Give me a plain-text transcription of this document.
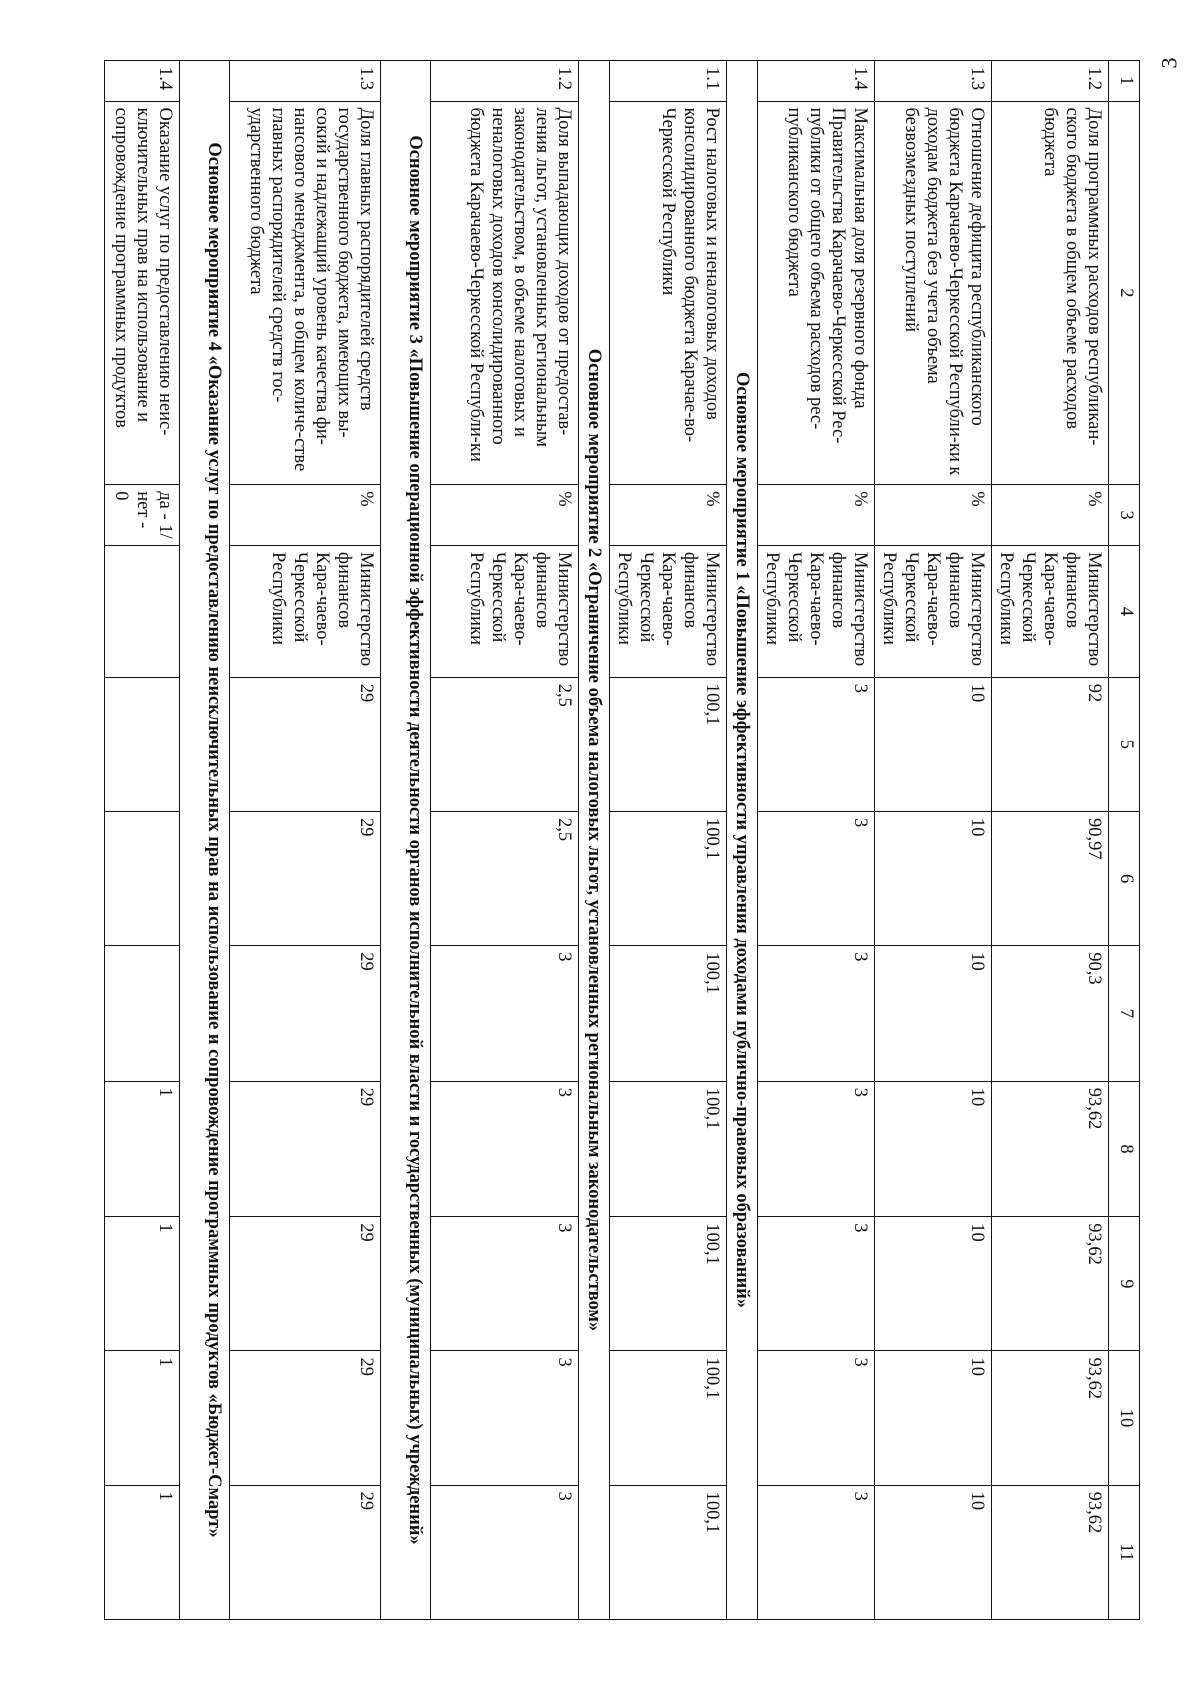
3
1	2	3	4	5	6	7	8	9	10	11
1.2	Доля программных расходов республикан-ского бюджета в общем объеме расходов бюджета	%	Министерство финансов Кара-чаево-Черкесской Республики	92	90,97	90,3	93,62	93,62	93,62	93,62
1.3	Отношение дефицита республиканского бюджета Карачаево-Черкесской Республи-ки к доходам бюджета без учета объема безвозмездных поступлений	%	Министерство финансов Кара-чаево-Черкесской Республики	10	10	10	10	10	10	10
1.4	Максимальная доля резервного фонда Правительства Карачаево-Черкесской Рес-публики от общего объема расходов рес-публиканского бюджета	%	Министерство финансов Кара-чаево-Черкесской Республики	3	3	3	3	3	3	3
Основное мероприятие 1 «Повышение эффективности управления доходами публично-правовых образований»										
1.1	Рост налоговых и неналоговых доходов консолидированного бюджета Карачае-во-Черкесской Республики	%	Министерство финансов Кара-чаево-Черкесской Республики	100,1	100,1	100,1	100,1	100,1	100,1	100,1
Основное мероприятие 2 «Ограничение объема налоговых льгот, установленных региональным законодательством»										
1.2	Доля выпадающих доходов от предостав-ления льгот, установленных региональным законодательством, в объеме налоговых и неналоговых доходов консолидированного бюджета Карачаево-Черкесской Республи-ки	%	Министерство финансов Кара-чаево-Черкесской Республики	2,5	2,5	3	3	3	3	3
Основное мероприятие 3 «Повышение операционной эффективности деятельности органов исполнительной власти и государственных (муниципальных) учреждений»										
1.3	Доля главных распорядителей средств государственного бюджета, имеющих вы-сокий и надлежащий уровень качества фи-нансового менеджмента, в общем количе-стве главных распорядителей средств гос-ударственного бюджета	%	Министерство финансов Кара-чаево-Черкесской Республики	29	29	29	29	29	29	29
Основное мероприятие 4 «Оказание услуг по предоставлению неисключительных прав на использование и сопровождение программных продуктов «Бюджет-Смарт»										
1.4	Оказание услуг по предоставлению неис-ключительных прав на использование и сопровождение программных продуктов	да - 1/ нет - 0					1	1	1	1
